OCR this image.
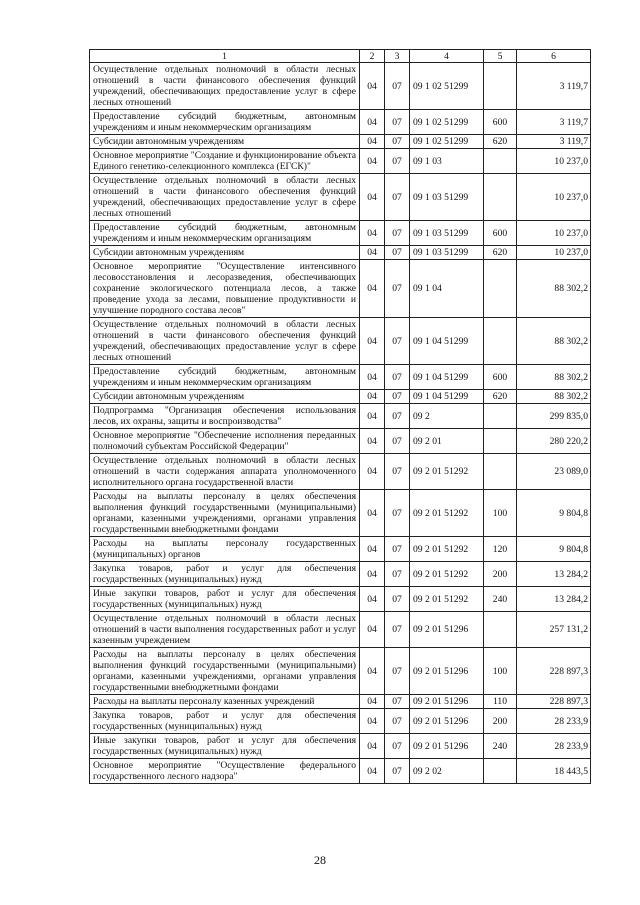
1	2	3	4	5	6
Осуществление отдельных полномочий в области лесных отношений в части финансового обеспечения функций учреждений, обеспечивающих предоставление услуг в сфере лесных отношений	04	07	09 1 02 51299		3 119,7
Предоставление субсидий бюджетным, автономным учреждениям и иным некоммерческим организациям	04	07	09 1 02 51299	600	3 119,7
Субсидии автономным учреждениям	04	07	09 1 02 51299	620	3 119,7
Основное мероприятие "Создание и функционирование объекта Единого генетико-селекционного комплекса (ЕГСК)"	04	07	09 1 03		10 237,0
Осуществление отдельных полномочий в области лесных отношений в части финансового обеспечения функций учреждений, обеспечивающих предоставление услуг в сфере лесных отношений	04	07	09 1 03 51299		10 237,0
Предоставление субсидий бюджетным, автономным учреждениям и иным некоммерческим организациям	04	07	09 1 03 51299	600	10 237,0
Субсидии автономным учреждениям	04	07	09 1 03 51299	620	10 237,0
Основное мероприятие "Осуществление интенсивного лесовосстановления и лесоразведения, обеспечивающих сохранение экологического потенциала лесов, а также проведение ухода за лесами, повышение продуктивности и улучшение породного состава лесов"	04	07	09 1 04		88 302,2
Осуществление отдельных полномочий в области лесных отношений в части финансового обеспечения функций учреждений, обеспечивающих предоставление услуг в сфере лесных отношений	04	07	09 1 04 51299		88 302,2
Предоставление субсидий бюджетным, автономным учреждениям и иным некоммерческим организациям	04	07	09 1 04 51299	600	88 302,2
Субсидии автономным учреждениям	04	07	09 1 04 51299	620	88 302,2
Подпрограмма "Организация обеспечения использования лесов, их охраны, защиты и воспроизводства"	04	07	09 2		299 835,0
Основное мероприятие "Обеспечение исполнения переданных полномочий субъектам Российской Федерации"	04	07	09 2 01		280 220,2
Осуществление отдельных полномочий в области лесных отношений в части содержания аппарата уполномоченного исполнительного органа государственной власти	04	07	09 2 01 51292		23 089,0
Расходы на выплаты персоналу в целях обеспечения выполнения функций государственными (муниципальными) органами, казенными учреждениями, органами управления государственными внебюджетными фондами	04	07	09 2 01 51292	100	9 804,8
Расходы на выплаты персоналу государственных (муниципальных) органов	04	07	09 2 01 51292	120	9 804,8
Закупка товаров, работ и услуг для обеспечения государственных (муниципальных) нужд	04	07	09 2 01 51292	200	13 284,2
Иные закупки товаров, работ и услуг для обеспечения государственных (муниципальных) нужд	04	07	09 2 01 51292	240	13 284,2
Осуществление отдельных полномочий в области лесных отношений в части выполнения государственных работ и услуг казенным учреждением	04	07	09 2 01 51296		257 131,2
Расходы на выплаты персоналу в целях обеспечения выполнения функций государственными (муниципальными) органами, казенными учреждениями, органами управления государственными внебюджетными фондами	04	07	09 2 01 51296	100	228 897,3
Расходы на выплаты персоналу казенных учреждений	04	07	09 2 01 51296	110	228 897,3
Закупка товаров, работ и услуг для обеспечения государственных (муниципальных) нужд	04	07	09 2 01 51296	200	28 233,9
Иные закупки товаров, работ и услуг для обеспечения государственных (муниципальных) нужд	04	07	09 2 01 51296	240	28 233,9
Основное мероприятие "Осуществление федерального государственного лесного надзора"	04	07	09 2 02		18 443,5
28
